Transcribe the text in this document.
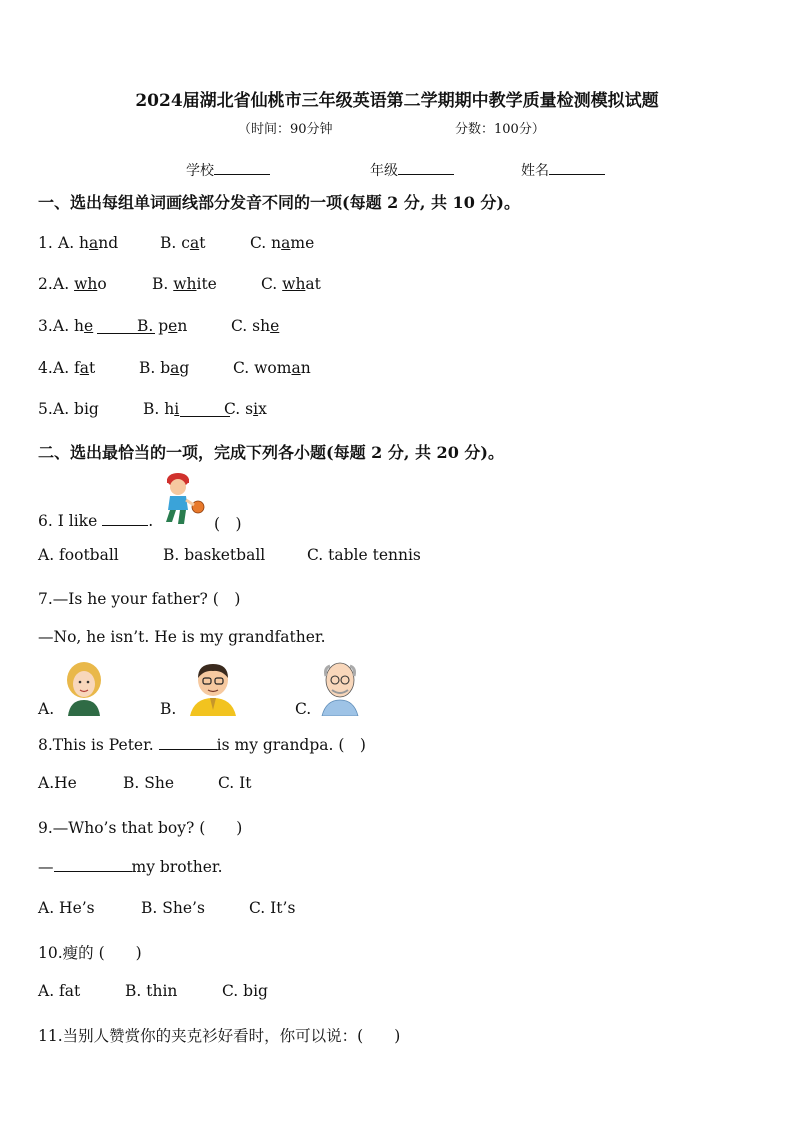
2024届湖北省仙桃市三年级英语第二学期期中教学质量检测模拟试题
（时间：90分钟	分数：100分）
学校	年级	姓名
一、选出每组单词画线部分发音不同的一项(每题 2 分, 共 10 分)。
1. A. hand	B. cat	C. name
2. A. who	B. white	C. what
3. A. he	B. pen	C. she
4. A. fat	B. bag	C. woman
5. A. big	B. hi	C. six
二、选出最恰当的一项，完成下列各小题(每题 2 分, 共 20 分)。
6. I like	.	(　)
A. football	B. basketball	C. table tennis
7.—Is he your father? (　)
—No, he isn’t. He is my grandfather.
A.	B.	C.
8.This is Peter.	is my grandpa. (　)
A.He	B. She	C. It
9.—Who’s that boy? (　　)
—	my brother.
A. He’s	B. She’s	C. It’s
10.瘦的 (　　)
A. fat	B. thin	C. big
11.当别人赞赏你的夹克衫好看时，你可以说：(　　)
